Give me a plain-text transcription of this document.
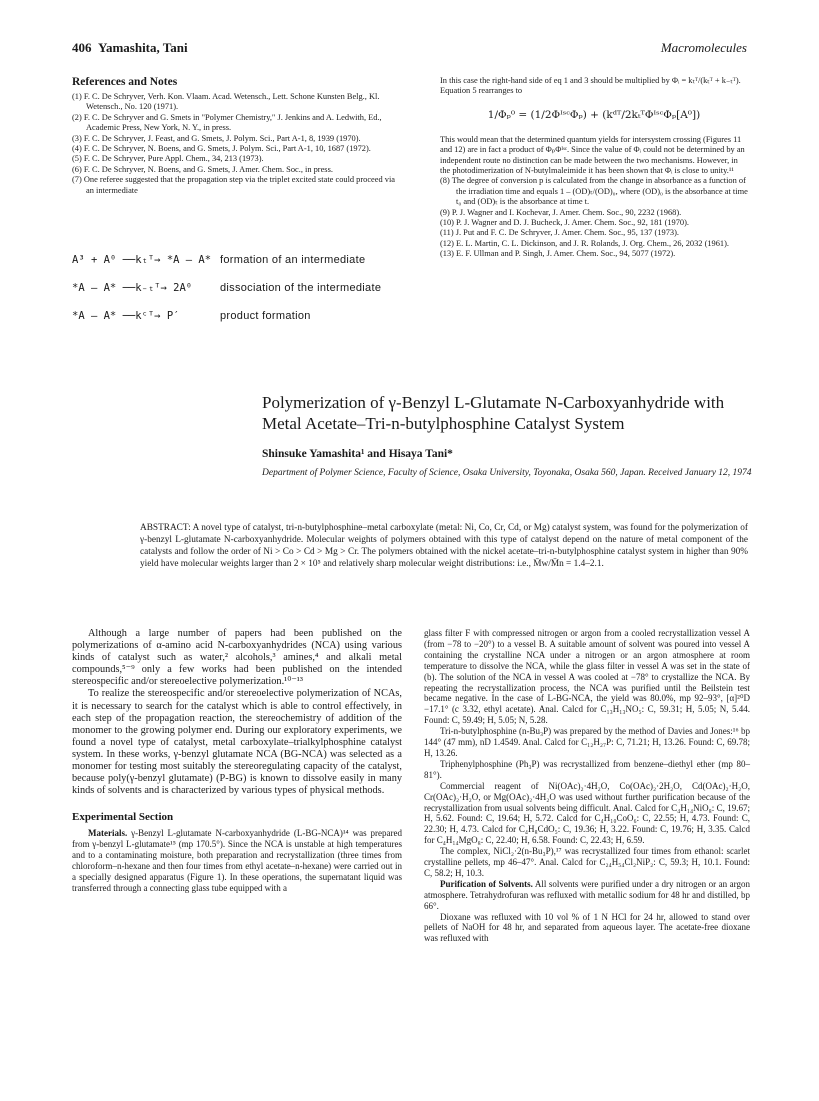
406 Yamashita, Tani	Macromolecules
References and Notes
(1) F. C. De Schryver, Verh. Kon. Vlaam. Acad. Wetensch., Lett. Schone Kunsten Belg., Kl. Wetensch., No. 120 (1971).
(2) F. C. De Schryver and G. Smets in "Polymer Chemistry," J. Jenkins and A. Ledwith, Ed., Academic Press, New York, N. Y., in press.
(3) F. C. De Schryver, J. Feast, and G. Smets, J. Polym. Sci., Part A-1, 8, 1939 (1970).
(4) F. C. De Schryver, N. Boens, and G. Smets, J. Polym. Sci., Part A-1, 10, 1687 (1972).
(5) F. C. De Schryver, Pure Appl. Chem., 34, 213 (1973).
(6) F. C. De Schryver, N. Boens, and G. Smets, J. Amer. Chem. Soc., in press.
(7) One referee suggested that the propagation step via the triplet excited state could proceed via an intermediate
A³ + A⁰ ──kₜᵀ→ *A – A* formation of an intermediate
*A – A* ──k₋ₜᵀ→ 2A⁰	dissociation of the intermediate
*A – A* ──kᶜᵀ→ P′	product formation
In this case the right-hand side of eq 1 and 3 should be multiplied by Φᵢ = kₜᵀ/(kₜᵀ + k₋ₜᵀ). Equation 5 rearranges to
1/Φₚ⁰ = (1/2ΦᴵˢᶜΦₚ) + (kᵈᵀ/2kₜᵀΦᴵˢᶜΦₚ[A⁰])
This would mean that the determined quantum yields for intersystem crossing (Figures 11 and 12) are in fact a product of ΦₚΦᴵˢᶜ. Since the value of Φᵢ could not be determined by an independent route no distinction can be made between the two mechanisms. However, in the photodimerization of N-butylmaleimide it has been shown that Φᵢ is close to unity.¹¹
(8) The degree of conversion p is calculated from the change in absorbance as a function of the irradiation time and equals 1 – (OD)ₜ/(OD)₀, where (OD)₀ is the absorbance at time t₀ and (OD)ₜ is the absorbance at time t.
(9) P. J. Wagner and I. Kochevar, J. Amer. Chem. Soc., 90, 2232 (1968).
(10) P. J. Wagner and D. J. Bucheck, J. Amer. Chem. Soc., 92, 181 (1970).
(11) J. Put and F. C. De Schryver, J. Amer. Chem. Soc., 95, 137 (1973).
(12) E. L. Martin, C. L. Dickinson, and J. R. Rolands, J. Org. Chem., 26, 2032 (1961).
(13) E. F. Ullman and P. Singh, J. Amer. Chem. Soc., 94, 5077 (1972).
Polymerization of γ-Benzyl L-Glutamate N-Carboxyanhydride with Metal Acetate–Tri-n-butylphosphine Catalyst System
Shinsuke Yamashita¹ and Hisaya Tani*
Department of Polymer Science, Faculty of Science, Osaka University, Toyonaka, Osaka 560, Japan. Received January 12, 1974
ABSTRACT: A novel type of catalyst, tri-n-butylphosphine–metal carboxylate (metal: Ni, Co, Cr, Cd, or Mg) catalyst system, was found for the polymerization of γ-benzyl L-glutamate N-carboxyanhydride. Molecular weights of polymers obtained with this type of catalyst depend on the nature of metal component of the catalysts and follow the order of Ni > Co > Cd > Mg > Cr. The polymers obtained with the nickel acetate–tri-n-butylphosphine catalyst system in higher than 90% yield have molecular weights larger than 2 × 10⁵ and relatively sharp molecular weight distributions: i.e., M̄w/M̄n = 1.4–2.1.

Although a large number of papers had been published on the polymerizations of α-amino acid N-carboxyanhydrides (NCA) using various kinds of catalyst such as water,² alcohols,³ amines,⁴ and alkali metal compounds,⁵⁻⁹ only a few works had been published on the intended stereospecific and/or stereoelective polymerization.¹⁰⁻¹³

To realize the stereospecific and/or stereoelective polymerization of NCAs, it is necessary to search for the catalyst which is able to control effectively, in each step of the propagation reaction, the stereochemistry of addition of the monomer to the growing polymer end. During our exploratory experiments, we found a novel type of catalyst, metal carboxylate–trialkylphosphine catalyst system. In these works, γ-benzyl glutamate NCA (BG-NCA) was selected as a monomer for testing most suitably the stereoregulating capacity of the catalyst, because poly(γ-benzyl glutamate) (P-BG) is known to dissolve easily in many kinds of solvents and is characterized by various types of physical methods.

Experimental Section

Materials. γ-Benzyl L-glutamate N-carboxyanhydride (L-BG-NCA)¹⁴ was prepared from γ-benzyl L-glutamate¹⁵ (mp 170.5°). Since the NCA is unstable at high temperatures and to a contaminating moisture, both preparation and recrystallization (three times from chloroform–n-hexane and then four times from ethyl acetate–n-hexane) were carried out in a specially designed apparatus (Figure 1). In these operations, the supernatant liquid was transferred through a connecting glass tube equipped with a

glass filter F with compressed nitrogen or argon from a cooled recrystallization vessel A (from −78 to −20°) to a vessel B. A suitable amount of solvent was poured into vessel A containing the crystalline NCA under a nitrogen or an argon atmosphere at room temperature to dissolve the NCA, while the glass filter in vessel A was set in the state of (b). The solution of the NCA in vessel A was cooled at −78° to crystallize the NCA. By repeating the recrystallization process, the NCA was purified until the Beilstein test became negative. In the case of L-BG-NCA, the yield was 80.0%, mp 92–93°, [α]²⁰D −17.1° (c 3.32, ethyl acetate). Anal. Calcd for C₁₃H₁₃NO₅: C, 59.31; H, 5.05; N, 5.44. Found: C, 59.49; H, 5.05; N, 5.28.

Tri-n-butylphosphine (n-Bu₃P) was prepared by the method of Davies and Jones:¹⁶ bp 144° (47 mm), nD 1.4549. Anal. Calcd for C₁₂H₂₇P: C, 71.21; H, 13.26. Found: C, 69.78; H, 13.26.

Triphenylphosphine (Ph₃P) was recrystallized from benzene–diethyl ether (mp 80–81°).

Commercial reagent of Ni(OAc)₂·4H₂O, Co(OAc)₂·2H₂O, Cd(OAc)₂·H₂O, Cr(OAc)₂·H₂O, or Mg(OAc)₂·4H₂O was used without further purification because of the recrystallization from usual solvents being difficult. Anal. Calcd for C₄H₁₄NiO₈: C, 19.67; H, 5.62. Found: C, 19.64; H, 5.72. Calcd for C₄H₁₀CoO₆: C, 22.55; H, 4.73. Found: C, 22.30; H, 4.73. Calcd for C₄H₈CdO₅: C, 19.36; H, 3.22. Found: C, 19.76; H, 3.35. Calcd for C₄H₁₄MgO₈: C, 22.40; H, 6.58. Found: C, 22.43; H, 6.59.

The complex, NiCl₂·2(n-Bu₃P),¹⁷ was recrystallized four times from ethanol: scarlet crystalline pellets, mp 46–47°. Anal. Calcd for C₂₄H₅₄Cl₂NiP₂: C, 59.3; H, 10.1. Found: C, 58.2; H, 10.3.

Purification of Solvents. All solvents were purified under a dry nitrogen or an argon atmosphere. Tetrahydrofuran was refluxed with metallic sodium for 48 hr and distilled, bp 66°.

Dioxane was refluxed with 10 vol % of 1 N HCl for 24 hr, allowed to stand over pellets of NaOH for 48 hr, and separated from aqueous layer. The acetate-free dioxane was refluxed with
